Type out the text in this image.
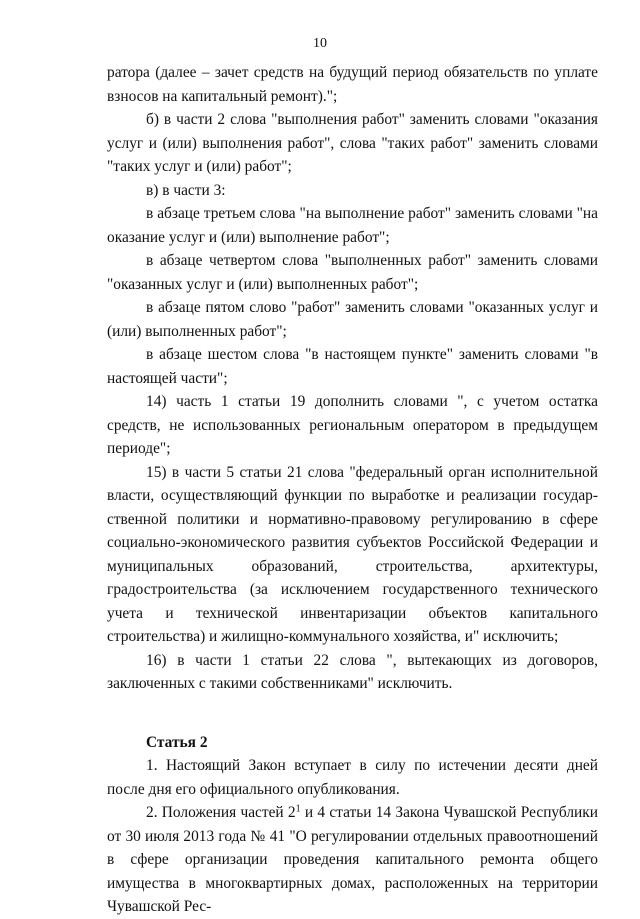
10

ратора (далее – зачет средств на будущий период обязательств по уплате взносов на капитальный ремонт).";

б) в части 2 слова "выполнения работ" заменить словами "оказания услуг и (или) выполнения работ", слова "таких работ" заменить словами "таких услуг и (или) работ";

в) в части 3:

в абзаце третьем слова "на выполнение работ" заменить словами "на оказание услуг и (или) выполнение работ";

в абзаце четвертом слова "выполненных работ" заменить словами "оказанных услуг и (или) выполненных работ";

в абзаце пятом слово "работ" заменить словами "оказанных услуг и (или) выполненных работ";

в абзаце шестом слова "в настоящем пункте" заменить словами "в настоящей части";

14) часть 1 статьи 19 дополнить словами ", с учетом остатка средств, не использованных региональным оператором в предыдущем периоде";

15) в части 5 статьи 21 слова "федеральный орган исполнительной власти, осуществляющий функции по выработке и реализации государственной политики и нормативно-правовому регулированию в сфере социально-экономического развития субъектов Российской Федерации и муниципальных образований, строительства, архитектуры, градостроительства (за исключением государственного технического учета и технической инвентаризации объектов капитального строительства) и жилищно-коммунального хозяйства, и" исключить;

16) в части 1 статьи 22 слова ", вытекающих из договоров, заключенных с такими собственниками" исключить.

Статья 2

1. Настоящий Закон вступает в силу по истечении десяти дней после дня его официального опубликования.

2. Положения частей $2^1$ и 4 статьи 14 Закона Чувашской Республики от 30 июля 2013 года № 41 "О регулировании отдельных правоотношений в сфере организации проведения капитального ремонта общего имущества в многоквартирных домах, расположенных на территории Чувашской Рес-
